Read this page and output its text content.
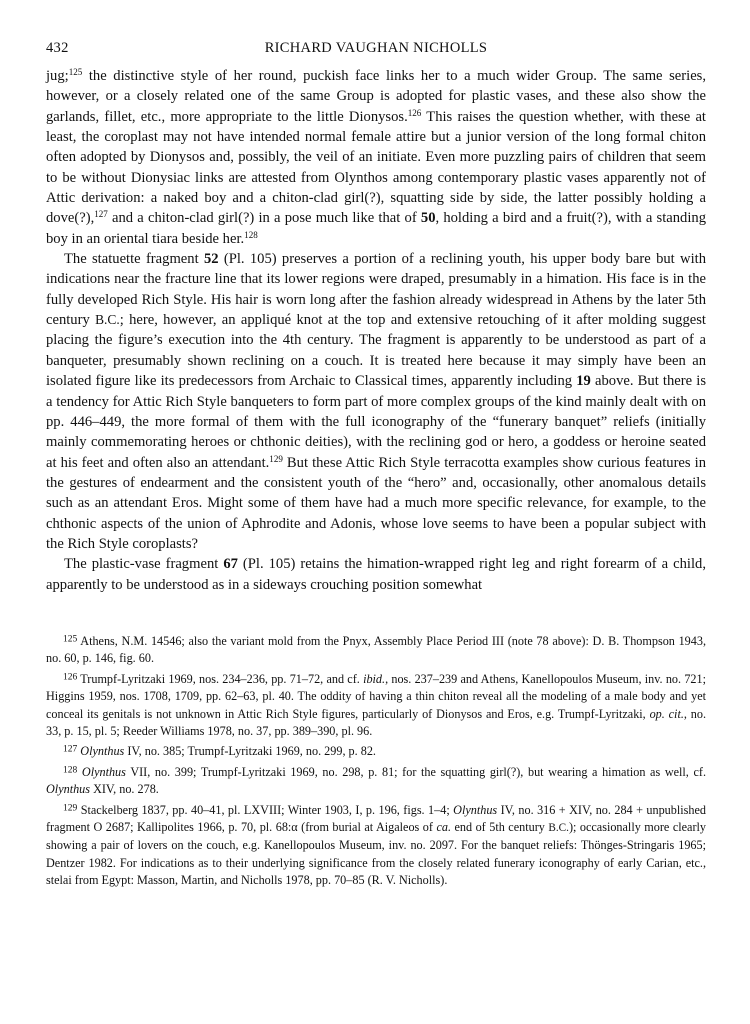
432	RICHARD VAUGHAN NICHOLLS

jug;$^{125}$ the distinctive style of her round, puckish face links her to a much wider Group. The same series, however, or a closely related one of the same Group is adopted for plastic vases, and these also show the garlands, fillet, etc., more appropriate to the little Dionysos.$^{126}$ This raises the question whether, with these at least, the coroplast may not have intended normal female attire but a junior version of the long formal chiton often adopted by Dionysos and, possibly, the veil of an initiate. Even more puzzling pairs of children that seem to be without Dionysiac links are attested from Olynthos among contemporary plastic vases apparently not of Attic derivation: a naked boy and a chiton-clad girl(?), squatting side by side, the latter possibly holding a dove(?),$^{127}$ and a chiton-clad girl(?) in a pose much like that of 50, holding a bird and a fruit(?), with a standing boy in an oriental tiara beside her.$^{128}$

The statuette fragment 52 (Pl. 105) preserves a portion of a reclining youth, his upper body bare but with indications near the fracture line that its lower regions were draped, presumably in a himation. His face is in the fully developed Rich Style. His hair is worn long after the fashion already widespread in Athens by the later 5th century B.C.; here, however, an appliqué knot at the top and extensive retouching of it after molding suggest placing the figure’s execution into the 4th century. The fragment is apparently to be understood as part of a banqueter, presumably shown reclining on a couch. It is treated here because it may simply have been an isolated figure like its predecessors from Archaic to Classical times, apparently including 19 above. But there is a tendency for Attic Rich Style banqueters to form part of more complex groups of the kind mainly dealt with on pp. 446–449, the more formal of them with the full iconography of the “funerary banquet” reliefs (initially mainly commemorating heroes or chthonic deities), with the reclining god or hero, a goddess or heroine seated at his feet and often also an attendant.$^{129}$ But these Attic Rich Style terracotta examples show curious features in the gestures of endearment and the consistent youth of the “hero” and, occasionally, other anomalous details such as an attendant Eros. Might some of them have had a much more specific relevance, for example, to the chthonic aspects of the union of Aphrodite and Adonis, whose love seems to have been a popular subject with the Rich Style coroplasts?

The plastic-vase fragment 67 (Pl. 105) retains the himation-wrapped right leg and right forearm of a child, apparently to be understood as in a sideways crouching position somewhat

$^{125}$ Athens, N.M. 14546; also the variant mold from the Pnyx, Assembly Place Period III (note 78 above): D. B. Thompson 1943, no. 60, p. 146, fig. 60.

$^{126}$ Trumpf-Lyritzaki 1969, nos. 234–236, pp. 71–72, and cf. ibid., nos. 237–239 and Athens, Kanellopoulos Museum, inv. no. 721; Higgins 1959, nos. 1708, 1709, pp. 62–63, pl. 40. The oddity of having a thin chiton reveal all the modeling of a male body and yet conceal its genitals is not unknown in Attic Rich Style figures, particularly of Dionysos and Eros, e.g. Trumpf-Lyritzaki, op. cit., no. 33, p. 15, pl. 5; Reeder Williams 1978, no. 37, pp. 389–390, pl. 96.

$^{127}$ Olynthus IV, no. 385; Trumpf-Lyritzaki 1969, no. 299, p. 82.

$^{128}$ Olynthus VII, no. 399; Trumpf-Lyritzaki 1969, no. 298, p. 81; for the squatting girl(?), but wearing a himation as well, cf. Olynthus XIV, no. 278.

$^{129}$ Stackelberg 1837, pp. 40–41, pl. LXVIII; Winter 1903, I, p. 196, figs. 1–4; Olynthus IV, no. 316 + XIV, no. 284 + unpublished fragment O 2687; Kallipolites 1966, p. 70, pl. 68:α (from burial at Aigaleos of ca. end of 5th century B.C.); occasionally more clearly showing a pair of lovers on the couch, e.g. Kanellopoulos Museum, inv. no. 2097. For the banquet reliefs: Thönges-Stringaris 1965; Dentzer 1982. For indications as to their underlying significance from the closely related funerary iconography of early Carian, etc., stelai from Egypt: Masson, Martin, and Nicholls 1978, pp. 70–85 (R. V. Nicholls).
